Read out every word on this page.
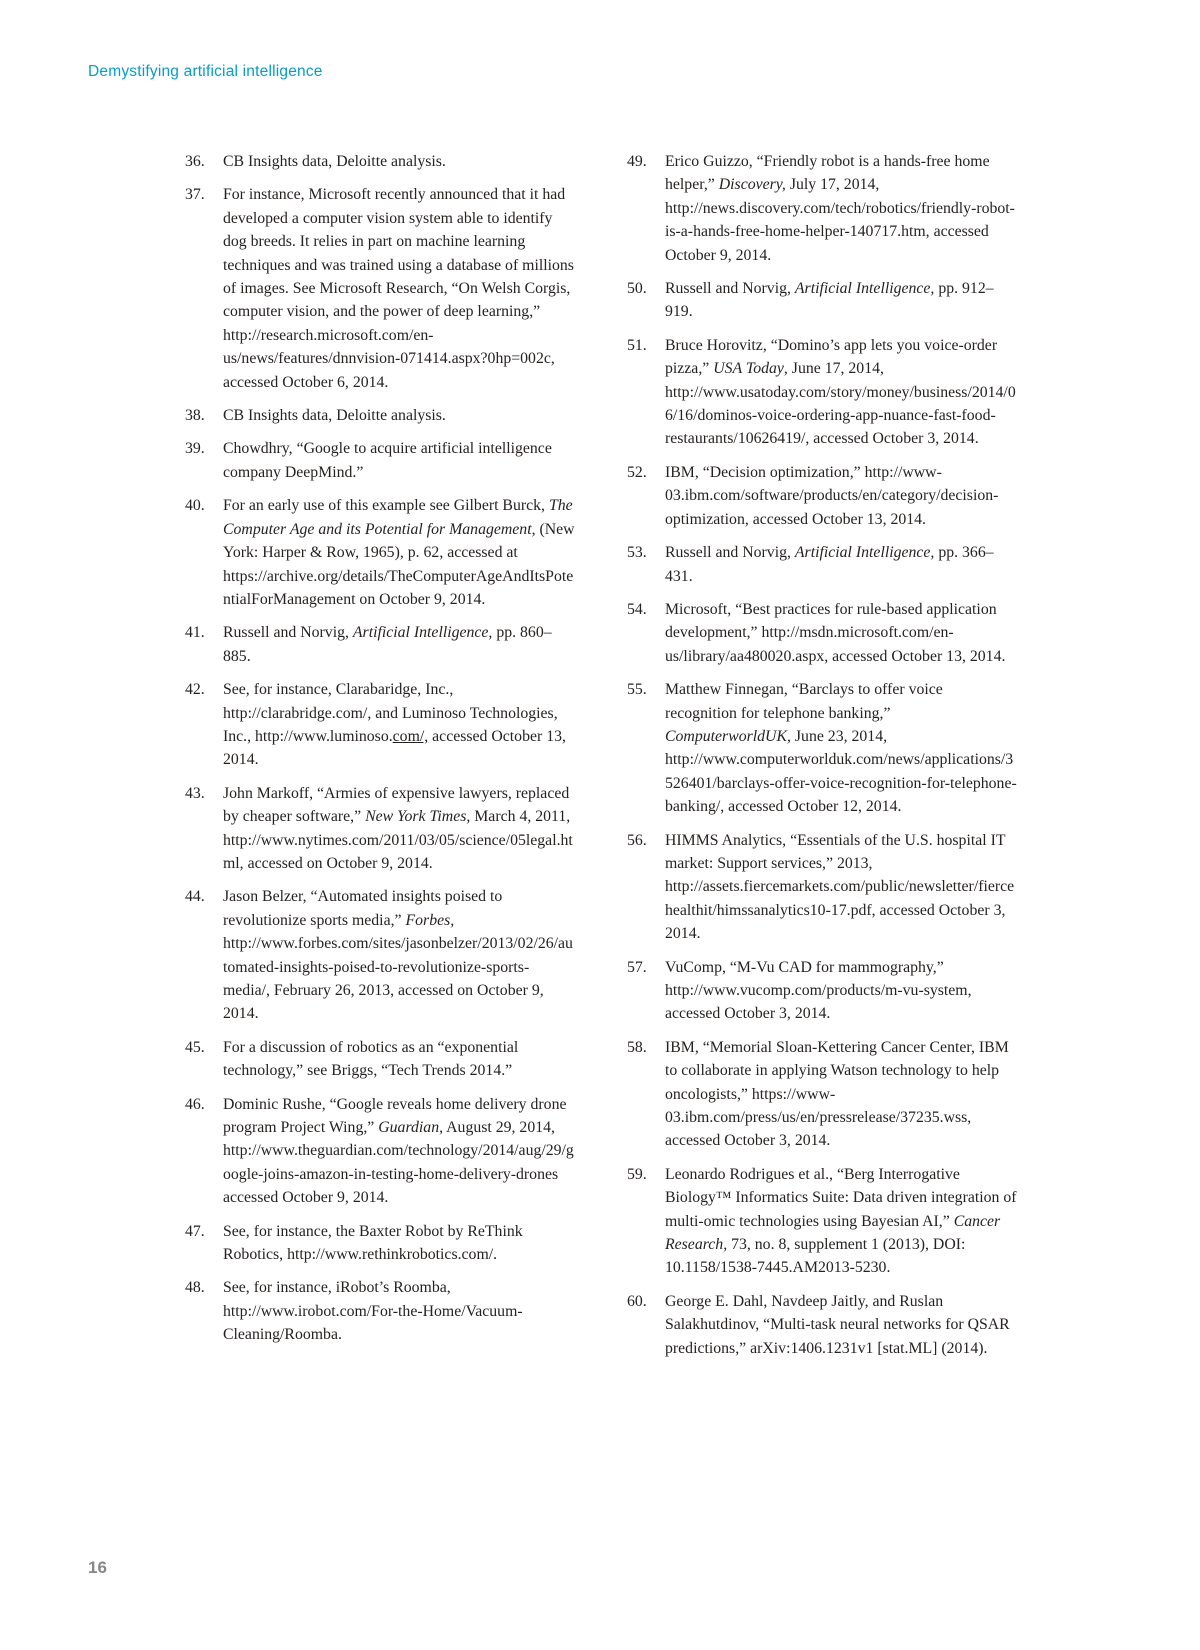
Demystifying artificial intelligence
36.	CB Insights data, Deloitte analysis.
37.	For instance, Microsoft recently announced that it had developed a computer vision system able to identify dog breeds. It relies in part on machine learning techniques and was trained using a database of millions of images. See Microsoft Research, “On Welsh Corgis, computer vision, and the power of deep learning,” http://research.microsoft.com/en-us/news/features/dnnvision-071414.aspx?0hp=002c, accessed October 6, 2014.
38.	CB Insights data, Deloitte analysis.
39.	Chowdhry, “Google to acquire artificial intelligence company DeepMind.”
40.	For an early use of this example see Gilbert Burck, The Computer Age and its Potential for Management, (New York: Harper & Row, 1965), p. 62, accessed at https://archive.org/details/TheComputerAgeAndItsPotentialForManagement on October 9, 2014.
41.	Russell and Norvig, Artificial Intelligence, pp. 860–885.
42.	See, for instance, Clarabaridge, Inc., http://clarabridge.com/, and Luminoso Technologies, Inc., http://www.luminoso.com/, accessed October 13, 2014.
43.	John Markoff, “Armies of expensive lawyers, replaced by cheaper software,” New York Times, March 4, 2011, http://www.nytimes.com/2011/03/05/science/05legal.html, accessed on October 9, 2014.
44.	Jason Belzer, “Automated insights poised to revolutionize sports media,” Forbes, http://www.forbes.com/sites/jasonbelzer/2013/02/26/automated-insights-poised-to-revolutionize-sports-media/, February 26, 2013, accessed on October 9, 2014.
45.	For a discussion of robotics as an “exponential technology,” see Briggs, “Tech Trends 2014.”
46.	Dominic Rushe, “Google reveals home delivery drone program Project Wing,” Guardian, August 29, 2014, http://www.theguardian.com/technology/2014/aug/29/google-joins-amazon-in-testing-home-delivery-drones accessed October 9, 2014.
47.	See, for instance, the Baxter Robot by ReThink Robotics, http://www.rethinkrobotics.com/.
48.	See, for instance, iRobot’s Roomba, http://www.irobot.com/For-the-Home/Vacuum-Cleaning/Roomba.
49.	Erico Guizzo, “Friendly robot is a hands-free home helper,” Discovery, July 17, 2014, http://news.discovery.com/tech/robotics/friendly-robot-is-a-hands-free-home-helper-140717.htm, accessed October 9, 2014.
50.	Russell and Norvig, Artificial Intelligence, pp. 912–919.
51.	Bruce Horovitz, “Domino’s app lets you voice-order pizza,” USA Today, June 17, 2014, http://www.usatoday.com/story/money/business/2014/06/16/dominos-voice-ordering-app-nuance-fast-food-restaurants/10626419/, accessed October 3, 2014.
52.	IBM, “Decision optimization,” http://www-03.ibm.com/software/products/en/category/decision-optimization, accessed October 13, 2014.
53.	Russell and Norvig, Artificial Intelligence, pp. 366–431.
54.	Microsoft, “Best practices for rule-based application development,” http://msdn.microsoft.com/en-us/library/aa480020.aspx, accessed October 13, 2014.
55.	Matthew Finnegan, “Barclays to offer voice recognition for telephone banking,” ComputerworldUK, June 23, 2014, http://www.computerworlduk.com/news/applications/3526401/barclays-offer-voice-recognition-for-telephone-banking/, accessed October 12, 2014.
56.	HIMMS Analytics, “Essentials of the U.S. hospital IT market: Support services,” 2013, http://assets.fiercemarkets.com/public/newsletter/fiercehealthit/himssanalytics10-17.pdf, accessed October 3, 2014.
57.	VuComp, “M-Vu CAD for mammography,” http://www.vucomp.com/products/m-vu-system, accessed October 3, 2014.
58.	IBM, “Memorial Sloan-Kettering Cancer Center, IBM to collaborate in applying Watson technology to help oncologists,” https://www-03.ibm.com/press/us/en/pressrelease/37235.wss, accessed October 3, 2014.
59.	Leonardo Rodrigues et al., “Berg Interrogative Biology™ Informatics Suite: Data driven integration of multi-omic technologies using Bayesian AI,” Cancer Research, 73, no. 8, supplement 1 (2013), DOI: 10.1158/1538-7445.AM2013-5230.
60.	George E. Dahl, Navdeep Jaitly, and Ruslan Salakhutdinov, “Multi-task neural networks for QSAR predictions,” arXiv:1406.1231v1 [stat.ML] (2014).
16
